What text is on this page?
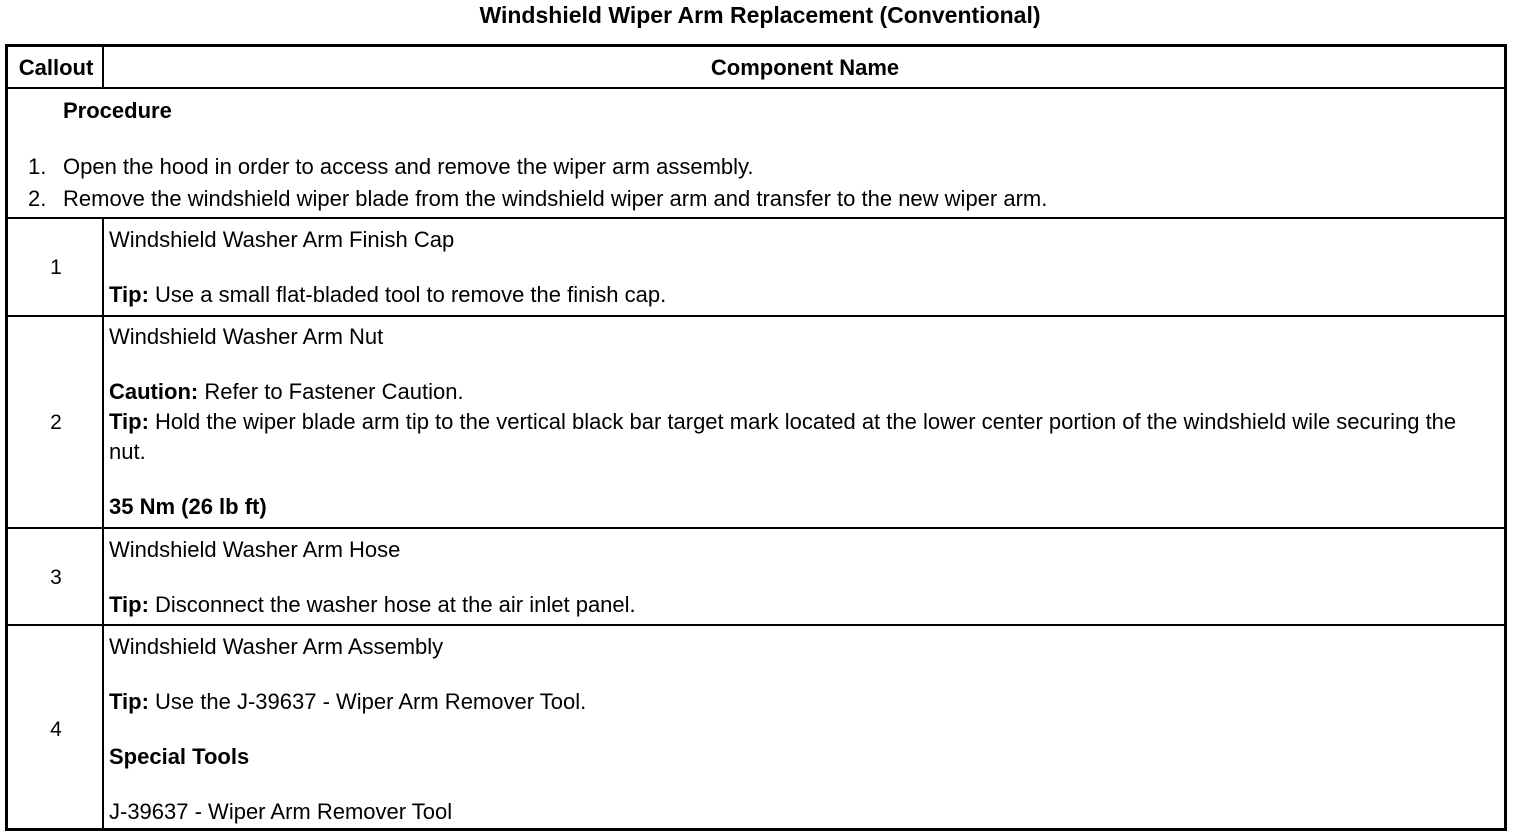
Windshield Wiper Arm Replacement (Conventional)
Callout	Component Name
Procedure
1. Open the hood in order to access and remove the wiper arm assembly.
2. Remove the windshield wiper blade from the windshield wiper arm and transfer to the new wiper arm.
1
Windshield Washer Arm Finish Cap
Tip: Use a small flat-bladed tool to remove the finish cap.
2
Windshield Washer Arm Nut
Caution: Refer to Fastener Caution.
Tip: Hold the wiper blade arm tip to the vertical black bar target mark located at the lower center portion of the windshield wile securing the nut.
35 Nm (26 lb ft)
3
Windshield Washer Arm Hose
Tip: Disconnect the washer hose at the air inlet panel.
4
Windshield Washer Arm Assembly
Tip: Use the J-39637 - Wiper Arm Remover Tool.
Special Tools
J-39637 - Wiper Arm Remover Tool
